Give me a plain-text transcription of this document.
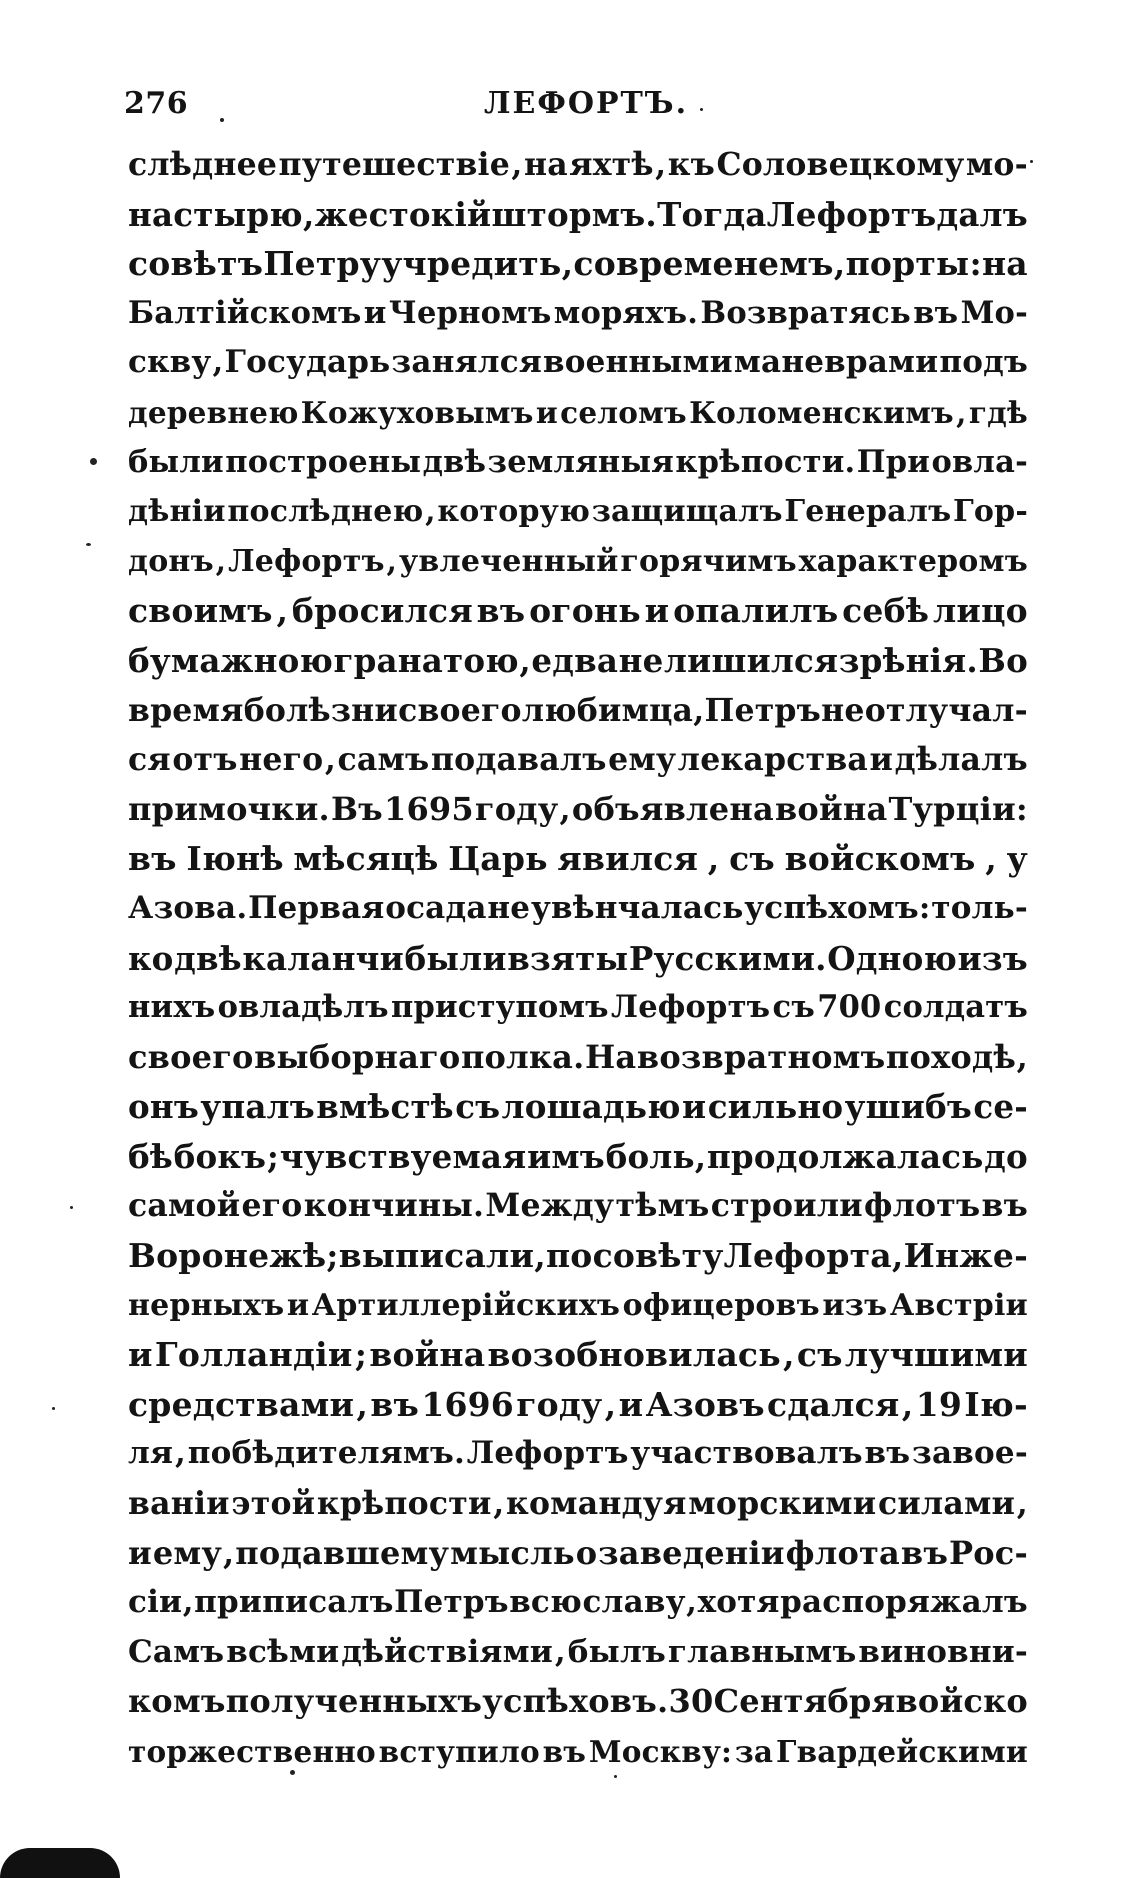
276	ЛЕФОРТЪ.
слѣднее путешествіе , на яхтѣ , къ Соловецкому мо-
настырю , жестокій штормъ. Тогда Лефортъ далъ
совѣтъ Петру учредить , со временемъ , порты : на
Балтійскомъ и Черномъ моряхъ. Возвратясь въ Мо-
скву , Государь занялся военными маневрами подъ
деревнею Кожуховымъ и селомъ Коломенскимъ , гдѣ
были построены двѣ земляныя крѣпости. При овла-
дѣніи послѣднею , которую защищалъ Генералъ Гор-
донъ , Лефортъ , увлеченный горячимъ характеромъ
своимъ , бросился въ огонь и опалилъ себѣ лицо
бумажною гранатою , едва не лишился зрѣнія. Во
время болѣзни своего любимца , Петръ не отлучал-
ся отъ него , самъ подавалъ ему лекарства и дѣлалъ
примочки. Въ 1695 году , объявлена война Турціи:
въ Іюнѣ мѣсяцѣ Царь явился , съ войскомъ , у
Азова. Первая осада не увѣнчалась успѣхомъ: толь-
ко двѣ каланчи были взяты Русскими. Одною изъ
нихъ овладѣлъ приступомъ Лефортъ съ 700 солдатъ
своего выборнаго полка. На возвратномъ походѣ ,
онъ упалъ вмѣстѣ съ лошадью и сильно ушибъ се-
бѣ бокъ ; чувствуемая имъ боль, продолжалась до
самой его кончины. Между тѣмъ строили флотъ въ
Воронежѣ ; выписали , по совѣту Лефорта , Инже-
нерныхъ и Артиллерійскихъ офицеровъ изъ Австріи
и Голландіи ; война возобновилась , съ лучшими
средствами , въ 1696 году , и Азовъ сдался , 19 Ію-
ля , побѣдителямъ. Лефортъ участвовалъ въ завое-
ваніи этой крѣпости , командуя морскими силами ,
и ему , подавшему мысль о заведеніи флота въ Рос-
сіи , приписалъ Петръ всю славу , хотя распоряжалъ
Самъ всѣми дѣйствіями , былъ главнымъ виновни-
комъ полученныхъ успѣховъ. 30 Сентября войско
торжественно вступило въ Москву: за Гвардейскими
